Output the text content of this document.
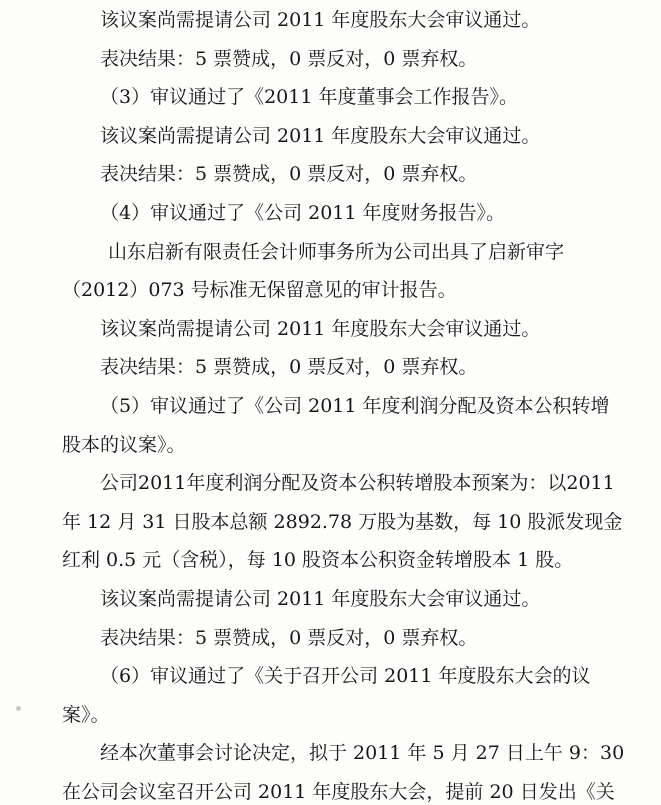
该议案尚需提请公司 2011 年度股东大会审议通过。

表决结果：5 票赞成，0 票反对，0 票弃权。

（3）审议通过了《2011 年度董事会工作报告》。

该议案尚需提请公司 2011 年度股东大会审议通过。

表决结果：5 票赞成，0 票反对，0 票弃权。

（4）审议通过了《公司 2011 年度财务报告》。

山东启新有限责任会计师事务所为公司出具了启新审字

（2012）073 号标准无保留意见的审计报告。

该议案尚需提请公司 2011 年度股东大会审议通过。

表决结果：5 票赞成，0 票反对，0 票弃权。

（5）审议通过了《公司 2011 年度利润分配及资本公积转增

股本的议案》。

公司2011年度利润分配及资本公积转增股本预案为：以2011

年 12 月 31 日股本总额 2892.78 万股为基数，每 10 股派发现金

红利 0.5 元（含税），每 10 股资本公积资金转增股本 1 股。

该议案尚需提请公司 2011 年度股东大会审议通过。

表决结果：5 票赞成，0 票反对，0 票弃权。

（6）审议通过了《关于召开公司 2011 年度股东大会的议

案》。

经本次董事会讨论决定，拟于 2011 年 5 月 27 日上午 9：30

在公司会议室召开公司 2011 年度股东大会，提前 20 日发出《关
